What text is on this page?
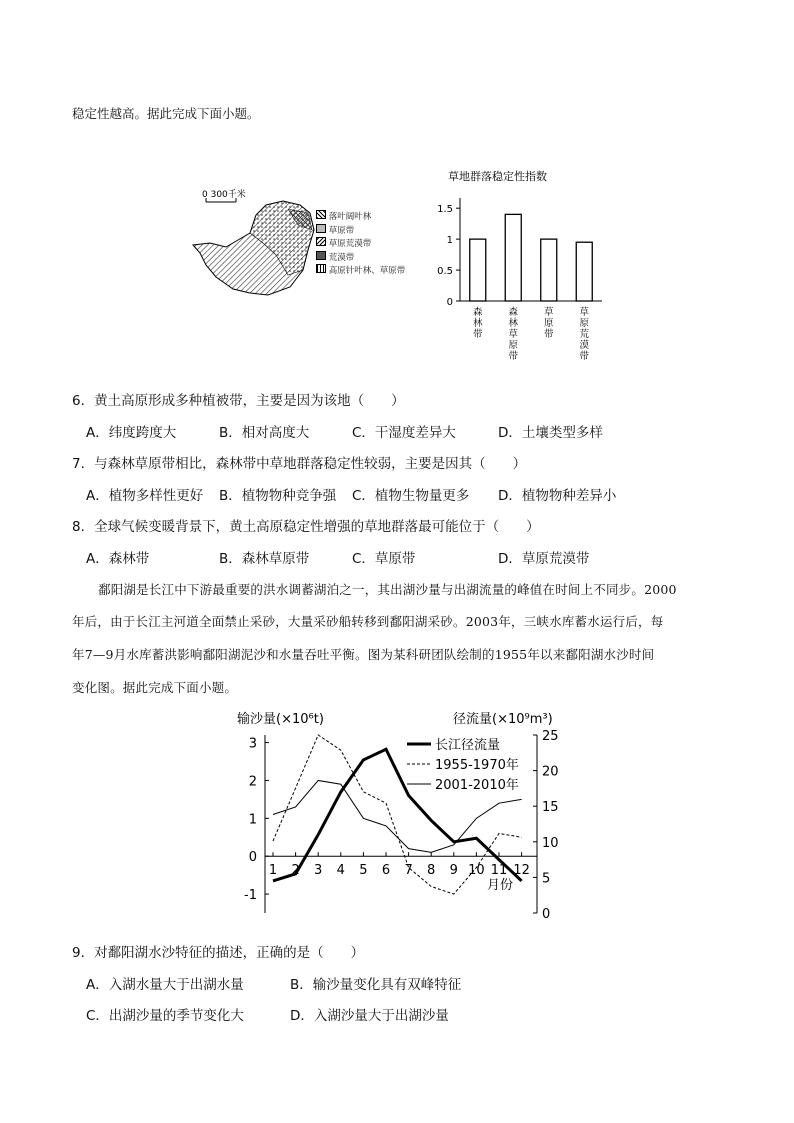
稳定性越高。据此完成下面小题。
0 300千米
落叶阔叶林
草原带
草原荒漠带
荒漠带
高原针叶林、草原带
草地群落稳定性指数
0
0.5
1
1.5
森林带
森林草原带
草原带
草原荒漠带
6．黄土高原形成多种植被带，主要是因为该地（　　）
A．纬度跨度大	B．相对高度大	C．干湿度差异大	D．土壤类型多样
7．与森林草原带相比，森林带中草地群落稳定性较弱，主要是因其（　　）
A．植物多样性更好 B．植物物种竞争强 C．植物生物量更多 D．植物物种差异小
8．全球气候变暖背景下，黄土高原稳定性增强的草地群落最可能位于（　　）
A．森林带	B．森林草原带	C．草原带	D．草原荒漠带
鄱阳湖是长江中下游最重要的洪水调蓄湖泊之一，其出湖沙量与出湖流量的峰值在时间上不同步。2000
年后，由于长江主河道全面禁止采砂，大量采砂船转移到鄱阳湖采砂。2003年，三峡水库蓄水运行后，每
年7—9月水库蓄洪影响鄱阳湖泥沙和水量吞吐平衡。图为某科研团队绘制的1955年以来鄱阳湖水沙时间
变化图。据此完成下面小题。
输沙量(×10⁶t)	径流量(×10⁹m³)
3
2
1
0
-1
25
20
15
10
5
0
1 2 3 4 5 6 7 8 9 10 11 12
月份
长江径流量
1955-1970年
2001-2010年
9．对鄱阳湖水沙特征的描述，正确的是（　　）
A．入湖水量大于出湖水量	B．输沙量变化具有双峰特征
C．出湖沙量的季节变化大	D．入湖沙量大于出湖沙量
